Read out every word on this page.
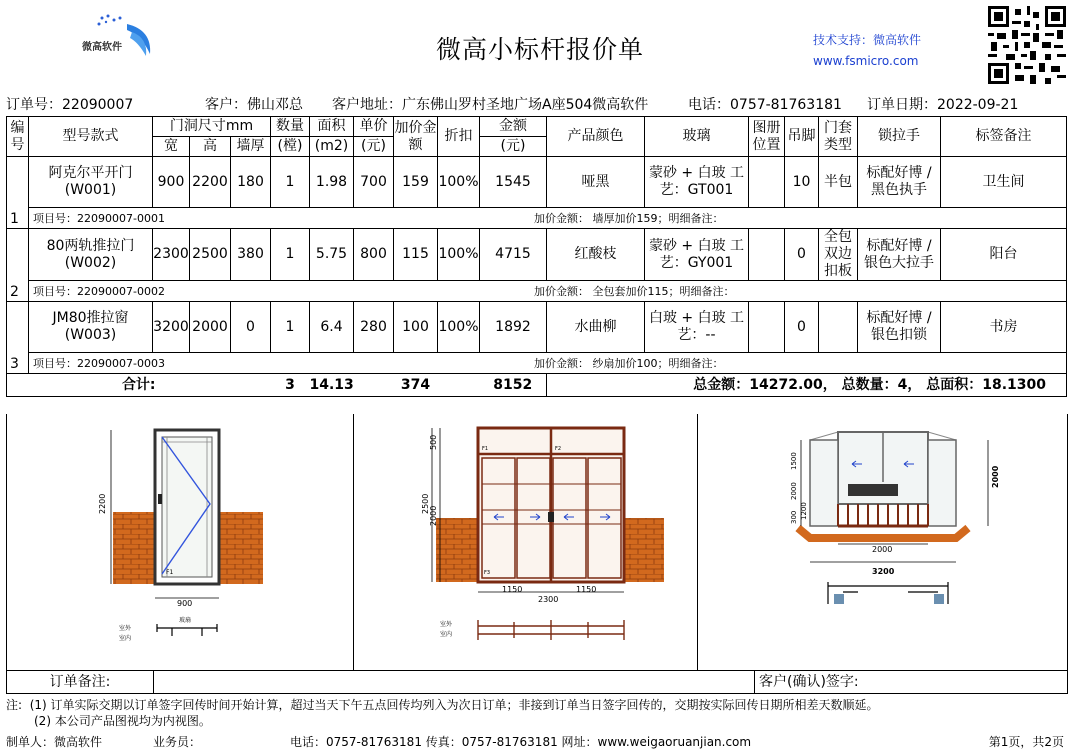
微高软件	微高小标杆报价单	技术支持：微高软件
www.fsmicro.com
订单号：22090007	客户：佛山邓总 客户地址：广东佛山罗村圣地广场A座504微高软件	电话：0757-81763181 订单日期：2022-09-21
编号	型号款式	门洞尺寸mm			数量	面积	单价	加价金额	折扣	金额	产品颜色	玻璃	图册位置	吊脚	门套类型	锁拉手	标签备注
		宽	高	墙厚	(樘)	(m2)	(元)			(元)							
1	阿克尔平开门(W001)	900	2200	180	1	1.98	700	159	100%	1545	哑黑	蒙砂 + 白玻 工艺：GT001		10	半包	标配好博 / 黑色执手	卫生间

	项目号：22090007-0001 加价金额： 墙厚加价159；明细备注：																

2	80两轨推拉门(W002)	2300	2500	380	1	5.75	800	115	100%	4715	红酸枝	蒙砂 + 白玻 工艺：GY001		0	全包双边扣板	标配好博 / 银色大拉手	阳台

	项目号：22090007-0002 加价金额： 全包套加价115；明细备注：																

3	JM80推拉窗(W003)	3200	2000	0	1	6.4	280	100	100%	1892	水曲柳	白玻 + 白玻 工艺：--		0		标配好博 / 银色扣锁	书房

	项目号：22090007-0003 加价金额： 纱扇加价100；明细备注：																

合计:					3	14.13		374		8152	总金额：14272.00， 总数量：4， 总面积：18.1300						
F1
2200
900
室外
室内
玻扇
F1	F2
F3
2500
500
2000
1150	1150
2300
室外
室内
1500
2000
1200
300
2000
2000
3200
订单备注:	客户(确认)签字:
注: (1) 订单实际交期以订单签字回传时间开始计算，超过当天下午五点回传均列入为次日订单；非接到订单当日签字回传的，交期按实际回传日期所相差天数顺延。
(2) 本公司产品图视均为内视图。
制单人：微高软件	业务员：	电话：0757-81763181 传真：0757-81763181 网址：www.weigaoruanjian.com	第1页，共2页
